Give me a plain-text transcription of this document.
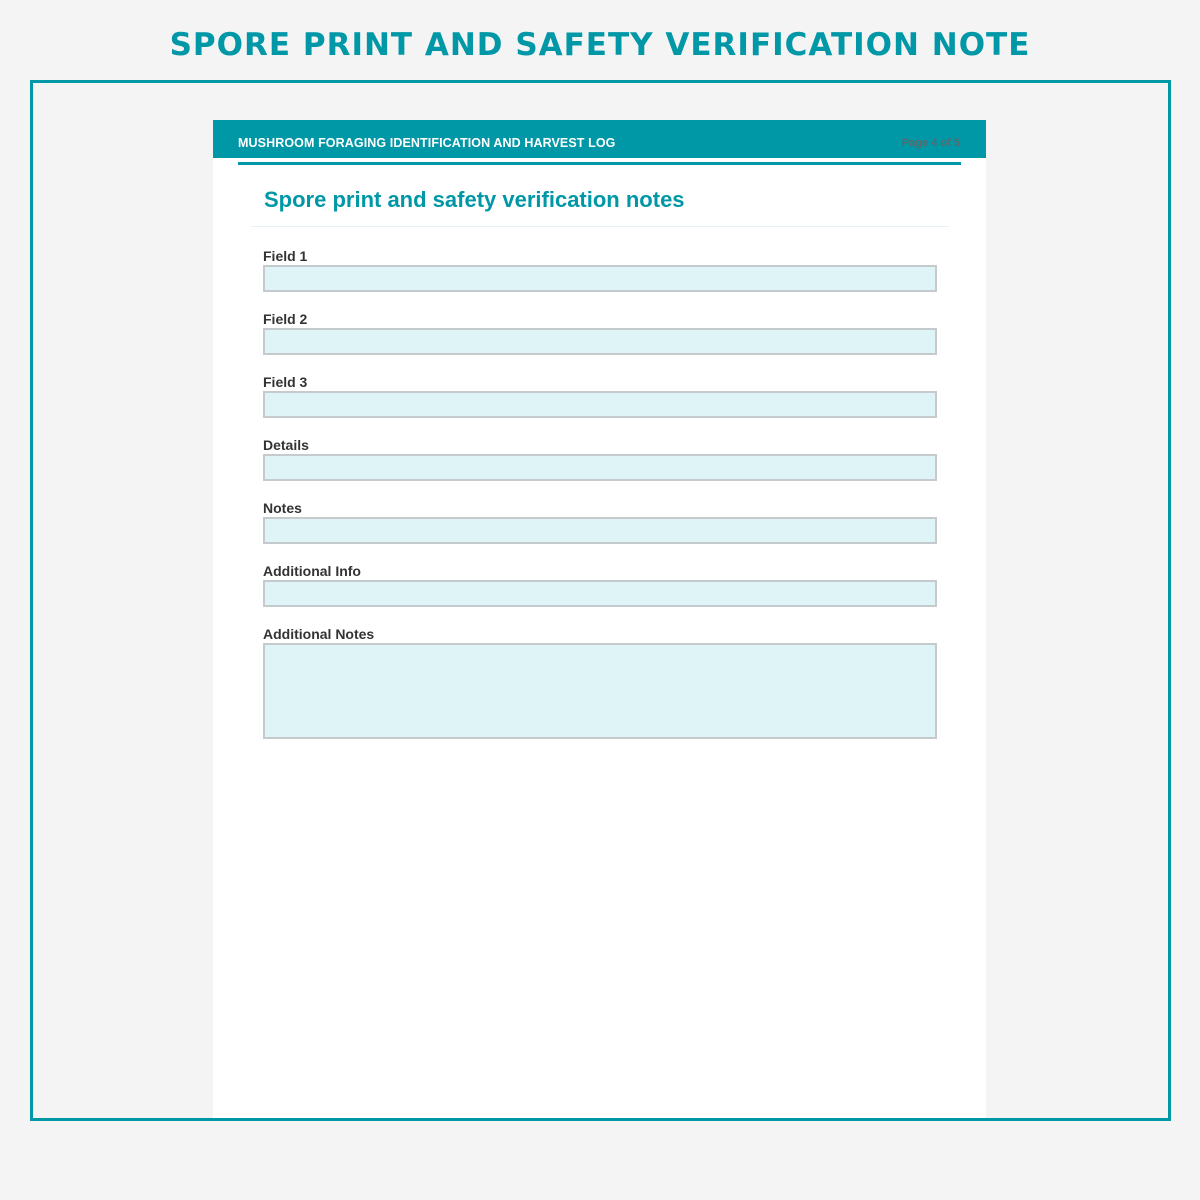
SPORE PRINT AND SAFETY VERIFICATION NOTE
MUSHROOM FORAGING IDENTIFICATION AND HARVEST LOG	Page 4 of 5
Spore print and safety verification notes
Field 1
Field 2
Field 3
Details
Notes
Additional Info
Additional Notes
